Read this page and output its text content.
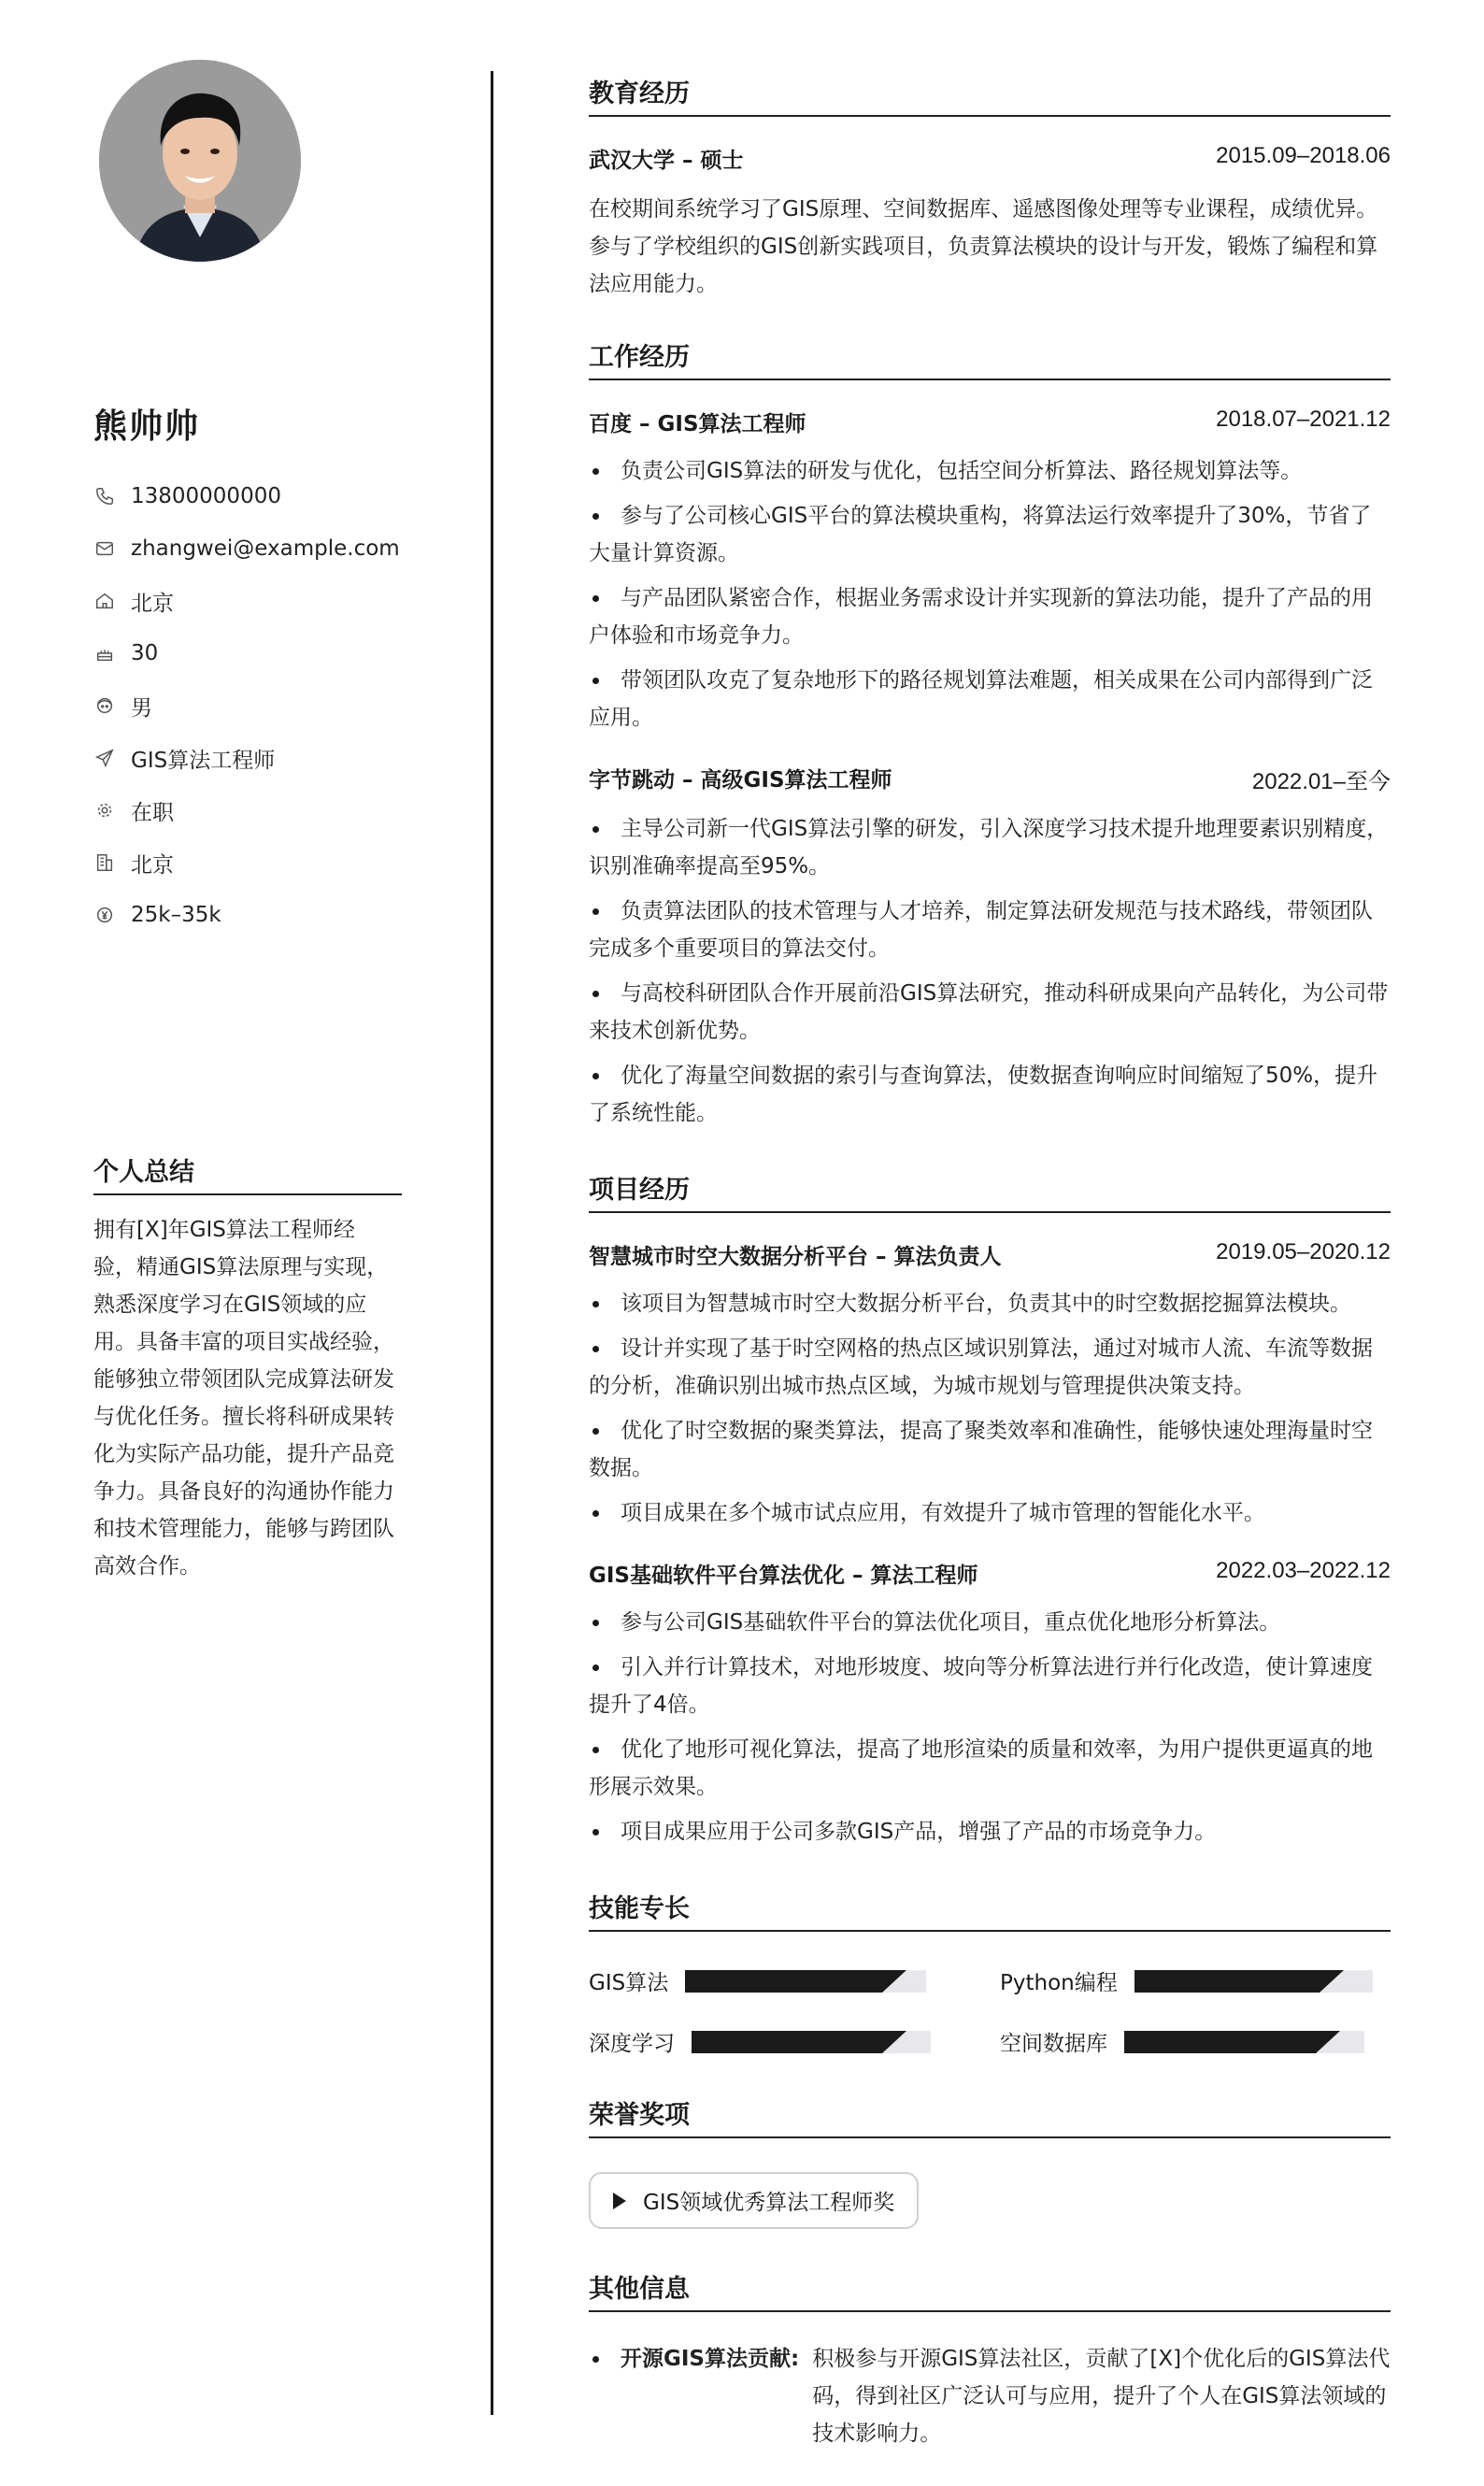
熊帅帅
13800000000
zhangwei@example.com
北京
30
男
GIS算法工程师
在职
北京
25k–35k
个人总结
拥有[X]年GIS算法工程师经验，精通GIS算法原理与实现，熟悉深度学习在GIS领域的应用。具备丰富的项目实战经验，能够独立带领团队完成算法研发与优化任务。擅长将科研成果转化为实际产品功能，提升产品竞争力。具备良好的沟通协作能力和技术管理能力，能够与跨团队高效合作。
教育经历
武汉大学 – 硕士	2015.09–2018.06
在校期间系统学习了GIS原理、空间数据库、遥感图像处理等专业课程，成绩优异。参与了学校组织的GIS创新实践项目，负责算法模块的设计与开发，锻炼了编程和算法应用能力。
工作经历
百度 – GIS算法工程师	2018.07–2021.12
负责公司GIS算法的研发与优化，包括空间分析算法、路径规划算法等。
参与了公司核心GIS平台的算法模块重构，将算法运行效率提升了30%，节省了大量计算资源。
与产品团队紧密合作，根据业务需求设计并实现新的算法功能，提升了产品的用户体验和市场竞争力。
带领团队攻克了复杂地形下的路径规划算法难题，相关成果在公司内部得到广泛应用。
字节跳动 – 高级GIS算法工程师	2022.01–至今
主导公司新一代GIS算法引擎的研发，引入深度学习技术提升地理要素识别精度，识别准确率提高至95%。
负责算法团队的技术管理与人才培养，制定算法研发规范与技术路线，带领团队完成多个重要项目的算法交付。
与高校科研团队合作开展前沿GIS算法研究，推动科研成果向产品转化，为公司带来技术创新优势。
优化了海量空间数据的索引与查询算法，使数据查询响应时间缩短了50%，提升了系统性能。
项目经历
智慧城市时空大数据分析平台 – 算法负责人	2019.05–2020.12
该项目为智慧城市时空大数据分析平台，负责其中的时空数据挖掘算法模块。
设计并实现了基于时空网格的热点区域识别算法，通过对城市人流、车流等数据的分析，准确识别出城市热点区域，为城市规划与管理提供决策支持。
优化了时空数据的聚类算法，提高了聚类效率和准确性，能够快速处理海量时空数据。
项目成果在多个城市试点应用，有效提升了城市管理的智能化水平。
GIS基础软件平台算法优化 – 算法工程师	2022.03–2022.12
参与公司GIS基础软件平台的算法优化项目，重点优化地形分析算法。
引入并行计算技术，对地形坡度、坡向等分析算法进行并行化改造，使计算速度提升了4倍。
优化了地形可视化算法，提高了地形渲染的质量和效率，为用户提供更逼真的地形展示效果。
项目成果应用于公司多款GIS产品，增强了产品的市场竞争力。
技能专长
GIS算法	Python编程
深度学习	空间数据库
荣誉奖项
GIS领域优秀算法工程师奖
其他信息
开源GIS算法贡献: 积极参与开源GIS算法社区，贡献了[X]个优化后的GIS算法代码，得到社区广泛认可与应用，提升了个人在GIS算法领域的技术影响力。
